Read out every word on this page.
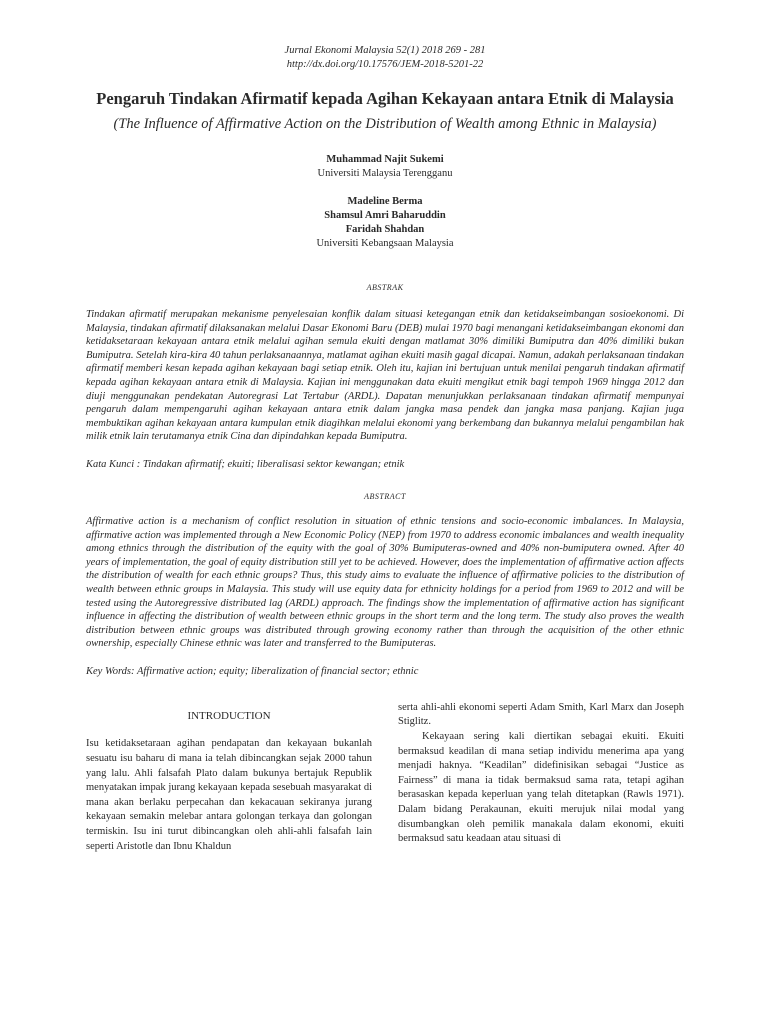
Jurnal Ekonomi Malaysia 52(1) 2018 269 - 281
http://dx.doi.org/10.17576/JEM-2018-5201-22
Pengaruh Tindakan Afirmatif kepada Agihan Kekayaan antara Etnik di Malaysia
(The Influence of Affirmative Action on the Distribution of Wealth among Ethnic in Malaysia)
Muhammad Najit Sukemi
Universiti Malaysia Terengganu
Madeline Berma
Shamsul Amri Baharuddin
Faridah Shahdan
Universiti Kebangsaan Malaysia
ABSTRAK
Tindakan afirmatif merupakan mekanisme penyelesaian konflik dalam situasi ketegangan etnik dan ketidakseimbangan sosioekonomi. Di Malaysia, tindakan afirmatif dilaksanakan melalui Dasar Ekonomi Baru (DEB) mulai 1970 bagi menangani ketidakseimbangan ekonomi dan ketidaksetaraan kekayaan antara etnik melalui agihan semula ekuiti dengan matlamat 30% dimiliki Bumiputra dan 40% dimiliki bukan Bumiputra. Setelah kira-kira 40 tahun perlaksanaannya, matlamat agihan ekuiti masih gagal dicapai. Namun, adakah perlaksanaan tindakan afirmatif memberi kesan kepada agihan kekayaan bagi setiap etnik. Oleh itu, kajian ini bertujuan untuk menilai pengaruh tindakan afirmatif kepada agihan kekayaan antara etnik di Malaysia. Kajian ini menggunakan data ekuiti mengikut etnik bagi tempoh 1969 hingga 2012 dan diuji menggunakan pendekatan Autoregrasi Lat Tertabur (ARDL). Dapatan menunjukkan perlaksanaan tindakan afirmatif mempunyai pengaruh dalam mempengaruhi agihan kekayaan antara etnik dalam jangka masa pendek dan jangka masa panjang. Kajian juga membuktikan agihan kekayaan antara kumpulan etnik diagihkan melalui ekonomi yang berkembang dan bukannya melalui pengambilan hak milik etnik lain terutamanya etnik Cina dan dipindahkan kepada Bumiputra.
Kata Kunci : Tindakan afirmatif; ekuiti; liberalisasi sektor kewangan; etnik
ABSTRACT
Affirmative action is a mechanism of conflict resolution in situation of ethnic tensions and socio-economic imbalances. In Malaysia, affirmative action was implemented through a New Economic Policy (NEP) from 1970 to address economic imbalances and wealth inequality among ethnics through the distribution of the equity with the goal of 30% Bumiputeras-owned and 40% non-bumiputera owned. After 40 years of implementation, the goal of equity distribution still yet to be achieved. However, does the implementation of affirmative action affects the distribution of wealth for each ethnic groups? Thus, this study aims to evaluate the influence of affirmative policies to the distribution of wealth between ethnic groups in Malaysia. This study will use equity data for ethnicity holdings for a period from 1969 to 2012 and will be tested using the Autoregressive distributed lag (ARDL) approach. The findings show the implementation of affirmative action has significant influence in affecting the distribution of wealth between ethnic groups in the short term and the long term. The study also proves the wealth distribution between ethnic groups was distributed through growing economy rather than through the acquisition of the other ethnic ownership, especially Chinese ethnic was later and transferred to the Bumiputeras.
Key Words: Affirmative action; equity; liberalization of financial sector; ethnic
INTRODUCTION

Isu ketidaksetaraan agihan pendapatan dan kekayaan bukanlah sesuatu isu baharu di mana ia telah dibincangkan sejak 2000 tahun yang lalu. Ahli falsafah Plato dalam bukunya bertajuk Republik menyatakan impak jurang kekayaan kepada sesebuah masyarakat di mana akan berlaku perpecahan dan kekacauan sekiranya jurang kekayaan semakin melebar antara golongan terkaya dan golongan termiskin. Isu ini turut dibincangkan oleh ahli-ahli falsafah lain seperti Aristotle dan Ibnu Khaldun

serta ahli-ahli ekonomi seperti Adam Smith, Karl Marx dan Joseph Stiglitz.

Kekayaan sering kali diertikan sebagai ekuiti. Ekuiti bermaksud keadilan di mana setiap individu menerima apa yang menjadi haknya. “Keadilan” didefinisikan sebagai “Justice as Fairness” di mana ia tidak bermaksud sama rata, tetapi agihan berasaskan kepada keperluan yang telah ditetapkan (Rawls 1971). Dalam bidang Perakaunan, ekuiti merujuk nilai modal yang disumbangkan oleh pemilik manakala dalam ekonomi, ekuiti bermaksud satu keadaan atau situasi di
